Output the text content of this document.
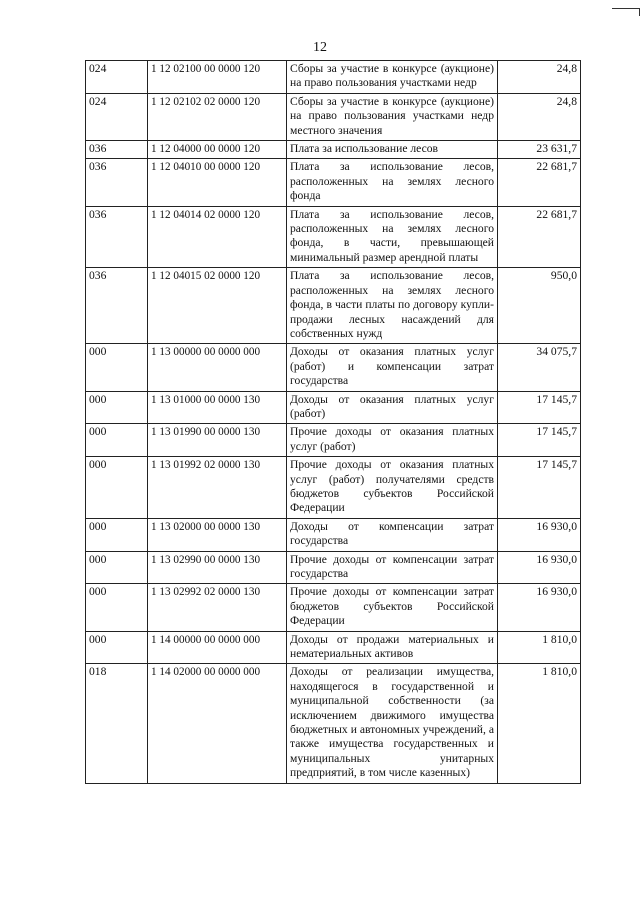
12
024	1 12 02100 00 0000 120	Сборы за участие в конкурсе (аукционе) на право пользования участками недр	24,8
024	1 12 02102 02 0000 120	Сборы за участие в конкурсе (аукционе) на право пользования участками недр местного значения	24,8
036	1 12 04000 00 0000 120	Плата за использование лесов	23 631,7
036	1 12 04010 00 0000 120	Плата за использование лесов, расположенных на землях лесного фонда	22 681,7
036	1 12 04014 02 0000 120	Плата за использование лесов, расположенных на землях лесного фонда, в части, превышающей минимальный размер арендной платы	22 681,7
036	1 12 04015 02 0000 120	Плата за использование лесов, расположенных на землях лесного фонда, в части платы по договору купли-продажи лесных насаждений для собственных нужд	950,0
000	1 13 00000 00 0000 000	Доходы от оказания платных услуг (работ) и компенсации затрат государства	34 075,7
000	1 13 01000 00 0000 130	Доходы от оказания платных услуг (работ)	17 145,7
000	1 13 01990 00 0000 130	Прочие доходы от оказания платных услуг (работ)	17 145,7
000	1 13 01992 02 0000 130	Прочие доходы от оказания платных услуг (работ) получателями средств бюджетов субъектов Российской Федерации	17 145,7
000	1 13 02000 00 0000 130	Доходы от компенсации затрат государства	16 930,0
000	1 13 02990 00 0000 130	Прочие доходы от компенсации затрат государства	16 930,0
000	1 13 02992 02 0000 130	Прочие доходы от компенсации затрат бюджетов субъектов Российской Федерации	16 930,0
000	1 14 00000 00 0000 000	Доходы от продажи материальных и нематериальных активов	1 810,0
018	1 14 02000 00 0000 000	Доходы от реализации имущества, находящегося в государственной и муниципальной собственности (за исключением движимого имущества бюджетных и автономных учреждений, а также имущества государственных и муниципальных унитарных предприятий, в том числе казенных)	1 810,0
